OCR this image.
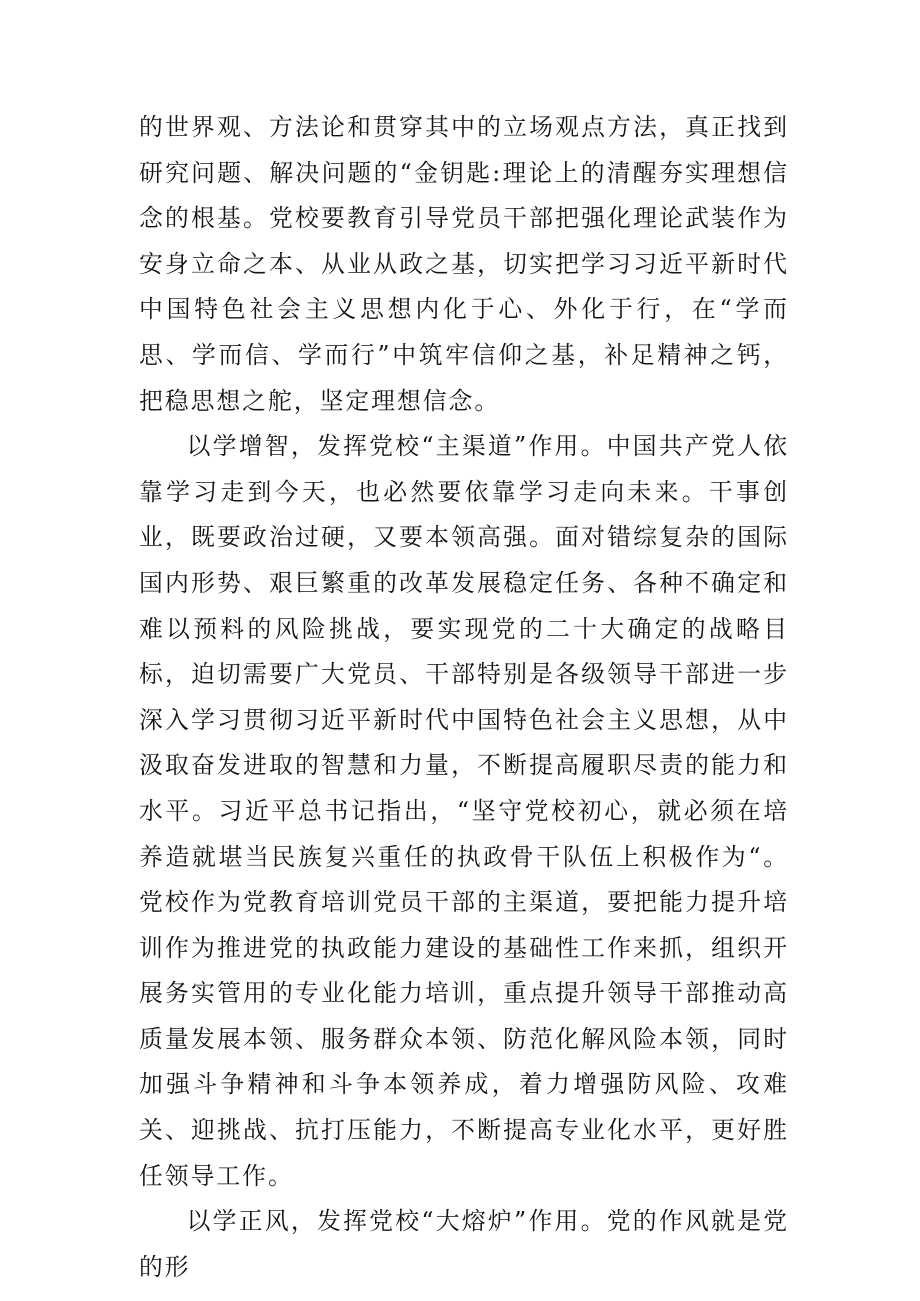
的世界观、方法论和贯穿其中的立场观点方法，真正找到研究问题、解决问题的“金钥匙:理论上的清醒夯实理想信念的根基。党校要教育引导党员干部把强化理论武装作为安身立命之本、从业从政之基，切实把学习习近平新时代中国特色社会主义思想内化于心、外化于行，在“学而思、学而信、学而行”中筑牢信仰之基，补足精神之钙，把稳思想之舵，坚定理想信念。

以学增智，发挥党校“主渠道”作用。中国共产党人依靠学习走到今天，也必然要依靠学习走向未来。干事创业，既要政治过硬，又要本领高强。面对错综复杂的国际国内形势、艰巨繁重的改革发展稳定任务、各种不确定和难以预料的风险挑战，要实现党的二十大确定的战略目标，迫切需要广大党员、干部特别是各级领导干部进一步深入学习贯彻习近平新时代中国特色社会主义思想，从中汲取奋发进取的智慧和力量，不断提高履职尽责的能力和水平。习近平总书记指出，“坚守党校初心，就必须在培养造就堪当民族复兴重任的执政骨干队伍上积极作为“。党校作为党教育培训党员干部的主渠道，要把能力提升培训作为推进党的执政能力建设的基础性工作来抓，组织开展务实管用的专业化能力培训，重点提升领导干部推动高质量发展本领、服务群众本领、防范化解风险本领，同时加强斗争精神和斗争本领养成，着力增强防风险、攻难关、迎挑战、抗打压能力，不断提高专业化水平，更好胜任领导工作。

以学正风，发挥党校“大熔炉”作用。党的作风就是党的形
